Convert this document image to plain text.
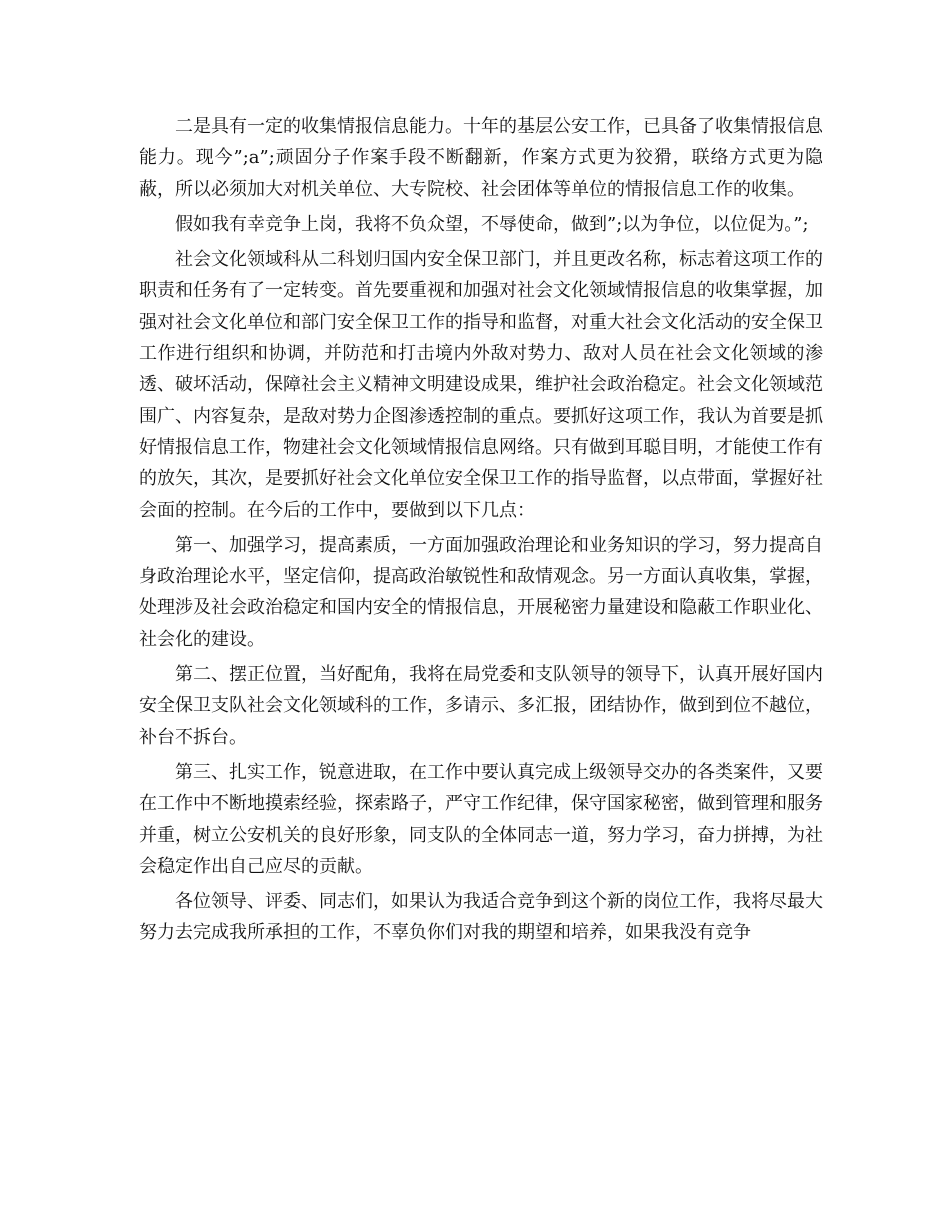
二是具有一定的收集情报信息能力。十年的基层公安工作，已具备了收集情报信息能力。现今”;a”;顽固分子作案手段不断翻新，作案方式更为狡猾，联络方式更为隐蔽，所以必须加大对机关单位、大专院校、社会团体等单位的情报信息工作的收集。

假如我有幸竞争上岗，我将不负众望，不辱使命，做到”;以为争位，以位促为。”;

社会文化领域科从二科划归国内安全保卫部门，并且更改名称，标志着这项工作的职责和任务有了一定转变。首先要重视和加强对社会文化领域情报信息的收集掌握，加强对社会文化单位和部门安全保卫工作的指导和监督，对重大社会文化活动的安全保卫工作进行组织和协调，并防范和打击境内外敌对势力、敌对人员在社会文化领域的渗透、破坏活动，保障社会主义精神文明建设成果，维护社会政治稳定。社会文化领域范围广、内容复杂，是敌对势力企图渗透控制的重点。要抓好这项工作，我认为首要是抓好情报信息工作，物建社会文化领域情报信息网络。只有做到耳聪目明，才能使工作有的放矢，其次，是要抓好社会文化单位安全保卫工作的指导监督，以点带面，掌握好社会面的控制。在今后的工作中，要做到以下几点：

第一、加强学习，提高素质，一方面加强政治理论和业务知识的学习，努力提高自身政治理论水平，坚定信仰，提高政治敏锐性和敌情观念。另一方面认真收集，掌握，处理涉及社会政治稳定和国内安全的情报信息，开展秘密力量建设和隐蔽工作职业化、社会化的建设。

第二、摆正位置，当好配角，我将在局党委和支队领导的领导下，认真开展好国内安全保卫支队社会文化领域科的工作，多请示、多汇报，团结协作，做到到位不越位，补台不拆台。

第三、扎实工作，锐意进取，在工作中要认真完成上级领导交办的各类案件，又要在工作中不断地摸索经验，探索路子，严守工作纪律，保守国家秘密，做到管理和服务并重，树立公安机关的良好形象，同支队的全体同志一道，努力学习，奋力拼搏，为社会稳定作出自己应尽的贡献。

各位领导、评委、同志们，如果认为我适合竞争到这个新的岗位工作，我将尽最大努力去完成我所承担的工作，不辜负你们对我的期望和培养，如果我没有竞争
